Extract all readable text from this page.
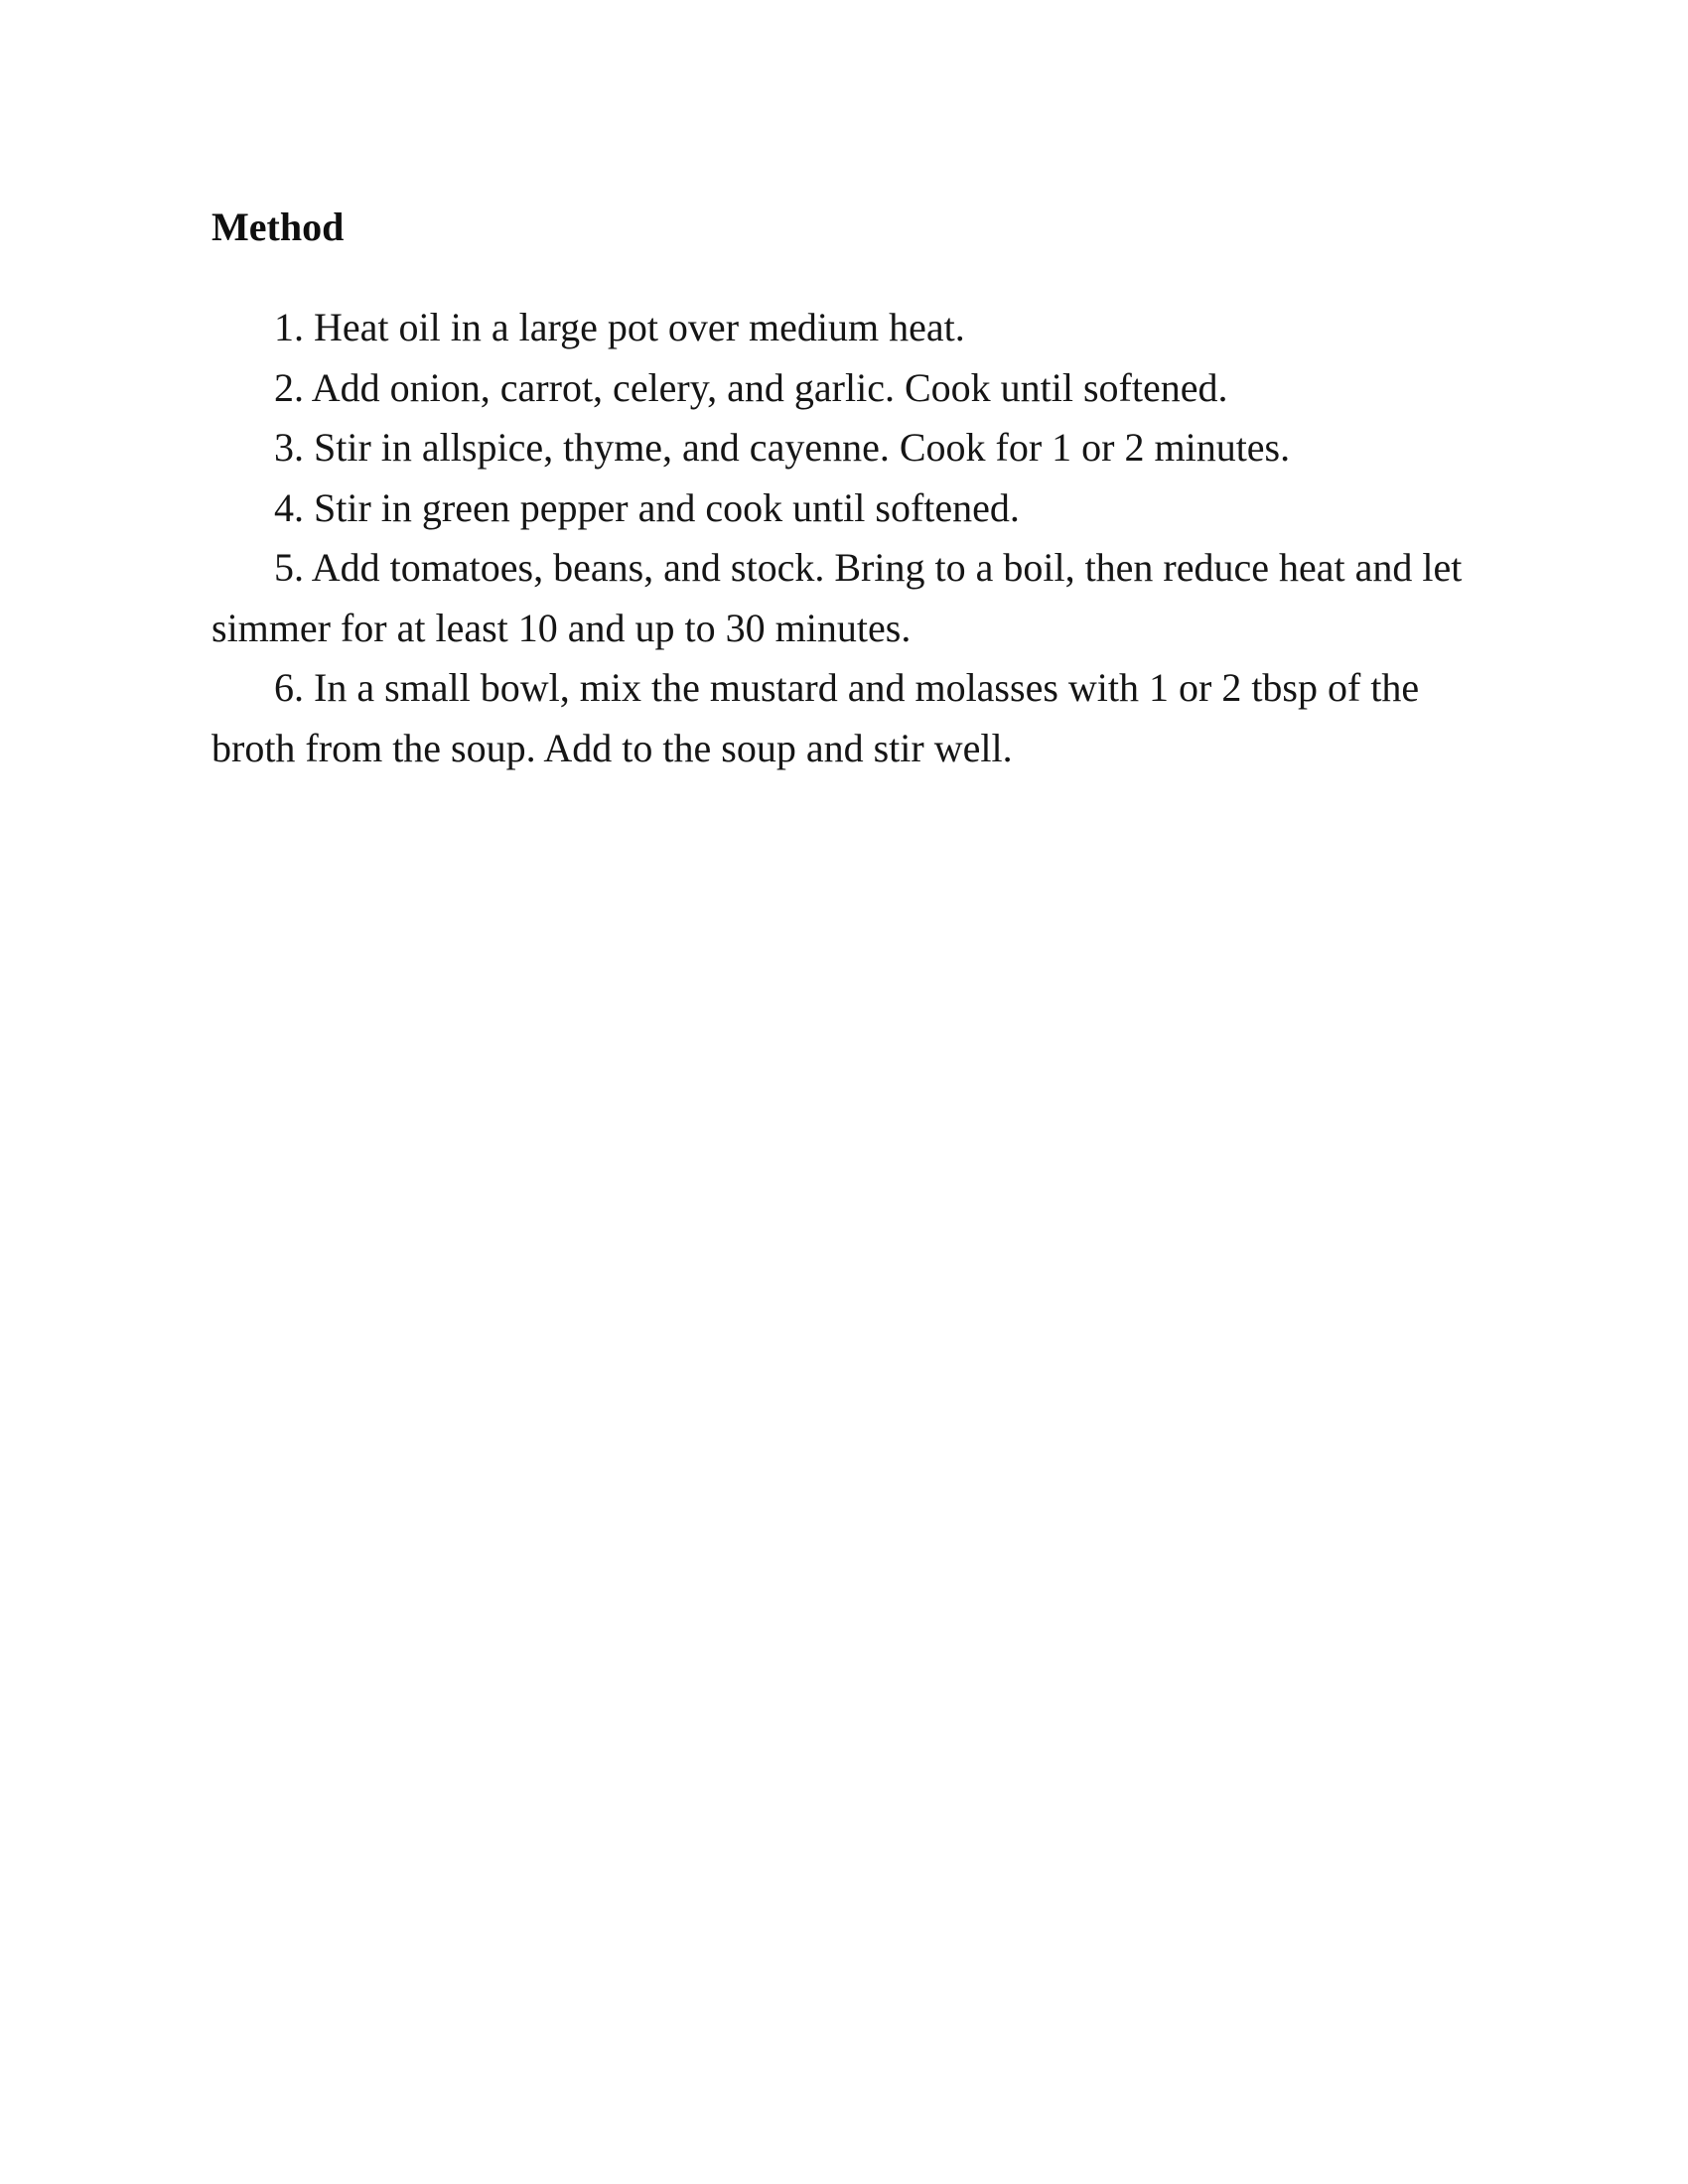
Method
1. Heat oil in a large pot over medium heat.
2. Add onion, carrot, celery, and garlic. Cook until softened.
3. Stir in allspice, thyme, and cayenne. Cook for 1 or 2 minutes.
4. Stir in green pepper and cook until softened.
5. Add tomatoes, beans, and stock. Bring to a boil, then reduce heat and let simmer for at least 10 and up to 30 minutes.
6. In a small bowl, mix the mustard and molasses with 1 or 2 tbsp of the broth from the soup. Add to the soup and stir well.
